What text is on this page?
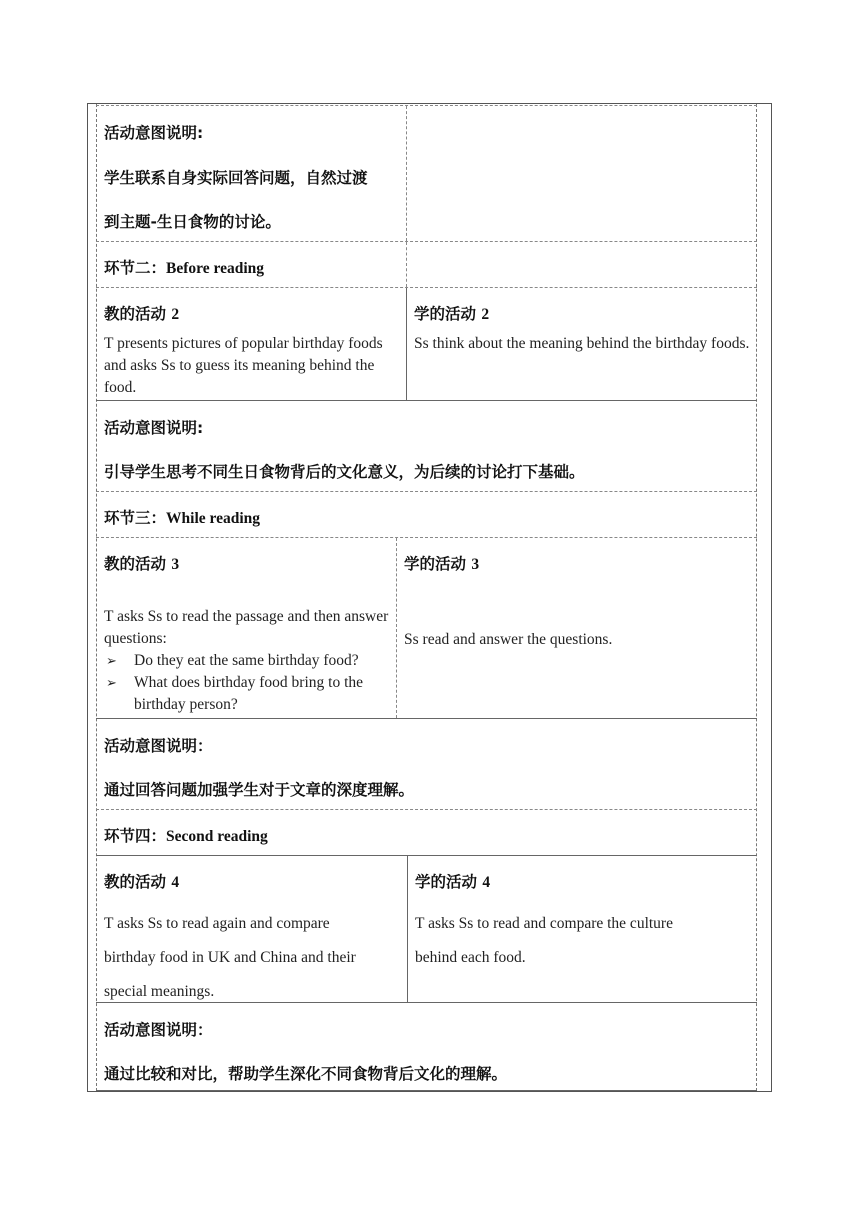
活动意图说明:
学生联系自身实际回答问题，自然过渡
到主题-生日食物的讨论。
环节二：Before reading
教的活动 2
T presents pictures of popular birthday foods and asks Ss to guess its meaning behind the food.
学的活动 2
Ss think about the meaning behind the birthday foods.
活动意图说明:
引导学生思考不同生日食物背后的文化意义，为后续的讨论打下基础。
环节三：While reading
教的活动 3
T asks Ss to read the passage and then answer questions:
➢ Do they eat the same birthday food?
➢ What does birthday food bring to the birthday person?
学的活动 3
Ss read and answer the questions.
活动意图说明：
通过回答问题加强学生对于文章的深度理解。
环节四：Second reading
教的活动 4
T asks Ss to read again and compare
birthday food in UK and China and their
special meanings.
学的活动 4
T asks Ss to read and compare the culture
behind each food.
活动意图说明：
通过比较和对比，帮助学生深化不同食物背后文化的理解。
